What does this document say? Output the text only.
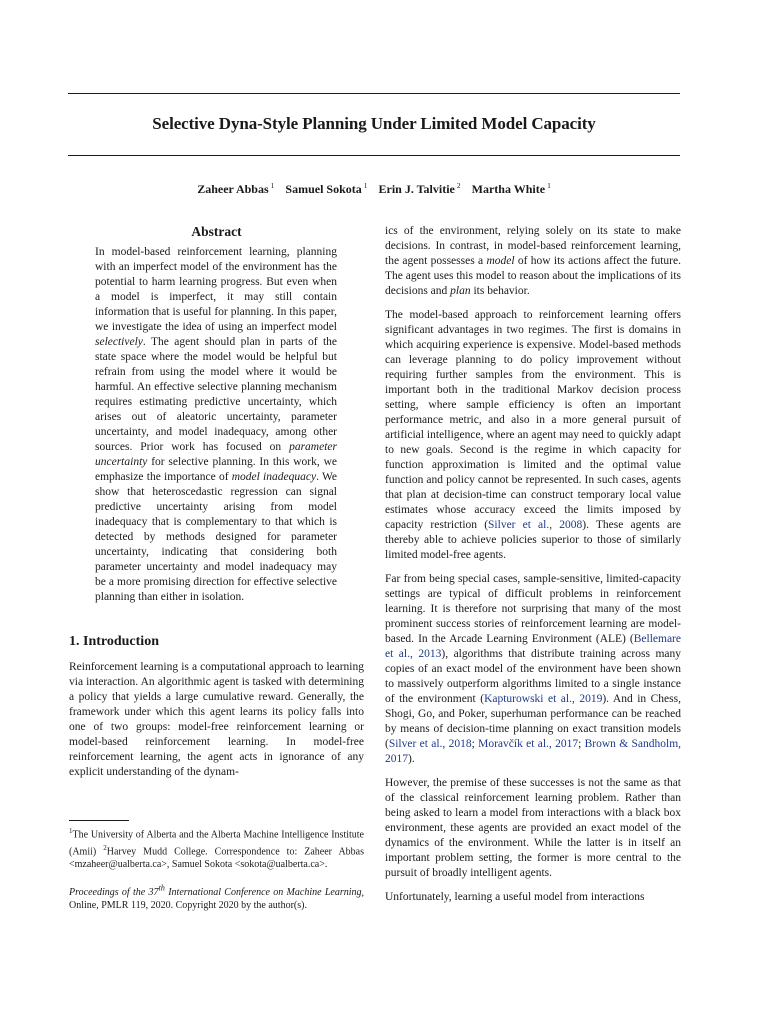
Selective Dyna-Style Planning Under Limited Model Capacity
Zaheer Abbas $^1$ Samuel Sokota $^1$ Erin J. Talvitie $^2$ Martha White $^1$
Abstract
In model-based reinforcement learning, planning with an imperfect model of the environment has the potential to harm learning progress. But even when a model is imperfect, it may still contain information that is useful for planning. In this paper, we investigate the idea of using an imperfect model selectively. The agent should plan in parts of the state space where the model would be helpful but refrain from using the model where it would be harmful. An effective selective planning mechanism requires estimating predictive uncertainty, which arises out of aleatoric uncertainty, parameter uncertainty, and model inadequacy, among other sources. Prior work has focused on parameter uncertainty for selective planning. In this work, we emphasize the importance of model inadequacy. We show that heteroscedastic regression can signal predictive uncertainty arising from model inadequacy that is complementary to that which is detected by methods designed for parameter uncertainty, indicating that considering both parameter uncertainty and model inadequacy may be a more promising direction for effective selective planning than either in isolation.
1. Introduction

Reinforcement learning is a computational approach to learning via interaction. An algorithmic agent is tasked with determining a policy that yields a large cumulative reward. Generally, the framework under which this agent learns its policy falls into one of two groups: model-free reinforcement learning or model-based reinforcement learning. In model-free reinforcement learning, the agent acts in ignorance of any explicit understanding of the dynam-

ics of the environment, relying solely on its state to make decisions. In contrast, in model-based reinforcement learning, the agent possesses a model of how its actions affect the future. The agent uses this model to reason about the implications of its decisions and plan its behavior.

The model-based approach to reinforcement learning offers significant advantages in two regimes. The first is domains in which acquiring experience is expensive. Model-based methods can leverage planning to do policy improvement without requiring further samples from the environment. This is important both in the traditional Markov decision process setting, where sample efficiency is often an important performance metric, and also in a more general pursuit of artificial intelligence, where an agent may need to quickly adapt to new goals. Second is the regime in which capacity for function approximation is limited and the optimal value function and policy cannot be represented. In such cases, agents that plan at decision-time can construct temporary local value estimates whose accuracy exceed the limits imposed by capacity restriction (Silver et al., 2008). These agents are thereby able to achieve policies superior to those of similarly limited model-free agents.

Far from being special cases, sample-sensitive, limited-capacity settings are typical of difficult problems in reinforcement learning. It is therefore not surprising that many of the most prominent success stories of reinforcement learning are model-based. In the Arcade Learning Environment (ALE) (Bellemare et al., 2013), algorithms that distribute training across many copies of an exact model of the environment have been shown to massively outperform algorithms limited to a single instance of the environment (Kapturowski et al., 2019). And in Chess, Shogi, Go, and Poker, superhuman performance can be reached by means of decision-time planning on exact transition models (Silver et al., 2018; Moravčík et al., 2017; Brown & Sandholm, 2017).

However, the premise of these successes is not the same as that of the classical reinforcement learning problem. Rather than being asked to learn a model from interactions with a black box environment, these agents are provided an exact model of the dynamics of the environment. While the latter is in itself an important problem setting, the former is more central to the pursuit of broadly intelligent agents.

Unfortunately, learning a useful model from interactions

$^1$The University of Alberta and the Alberta Machine Intelligence Institute (Amii) $^2$Harvey Mudd College. Correspondence to: Zaheer Abbas <mzaheer@ualberta.ca>, Samuel Sokota <sokota@ualberta.ca>.

Proceedings of the 37th International Conference on Machine Learning, Online, PMLR 119, 2020. Copyright 2020 by the author(s).
